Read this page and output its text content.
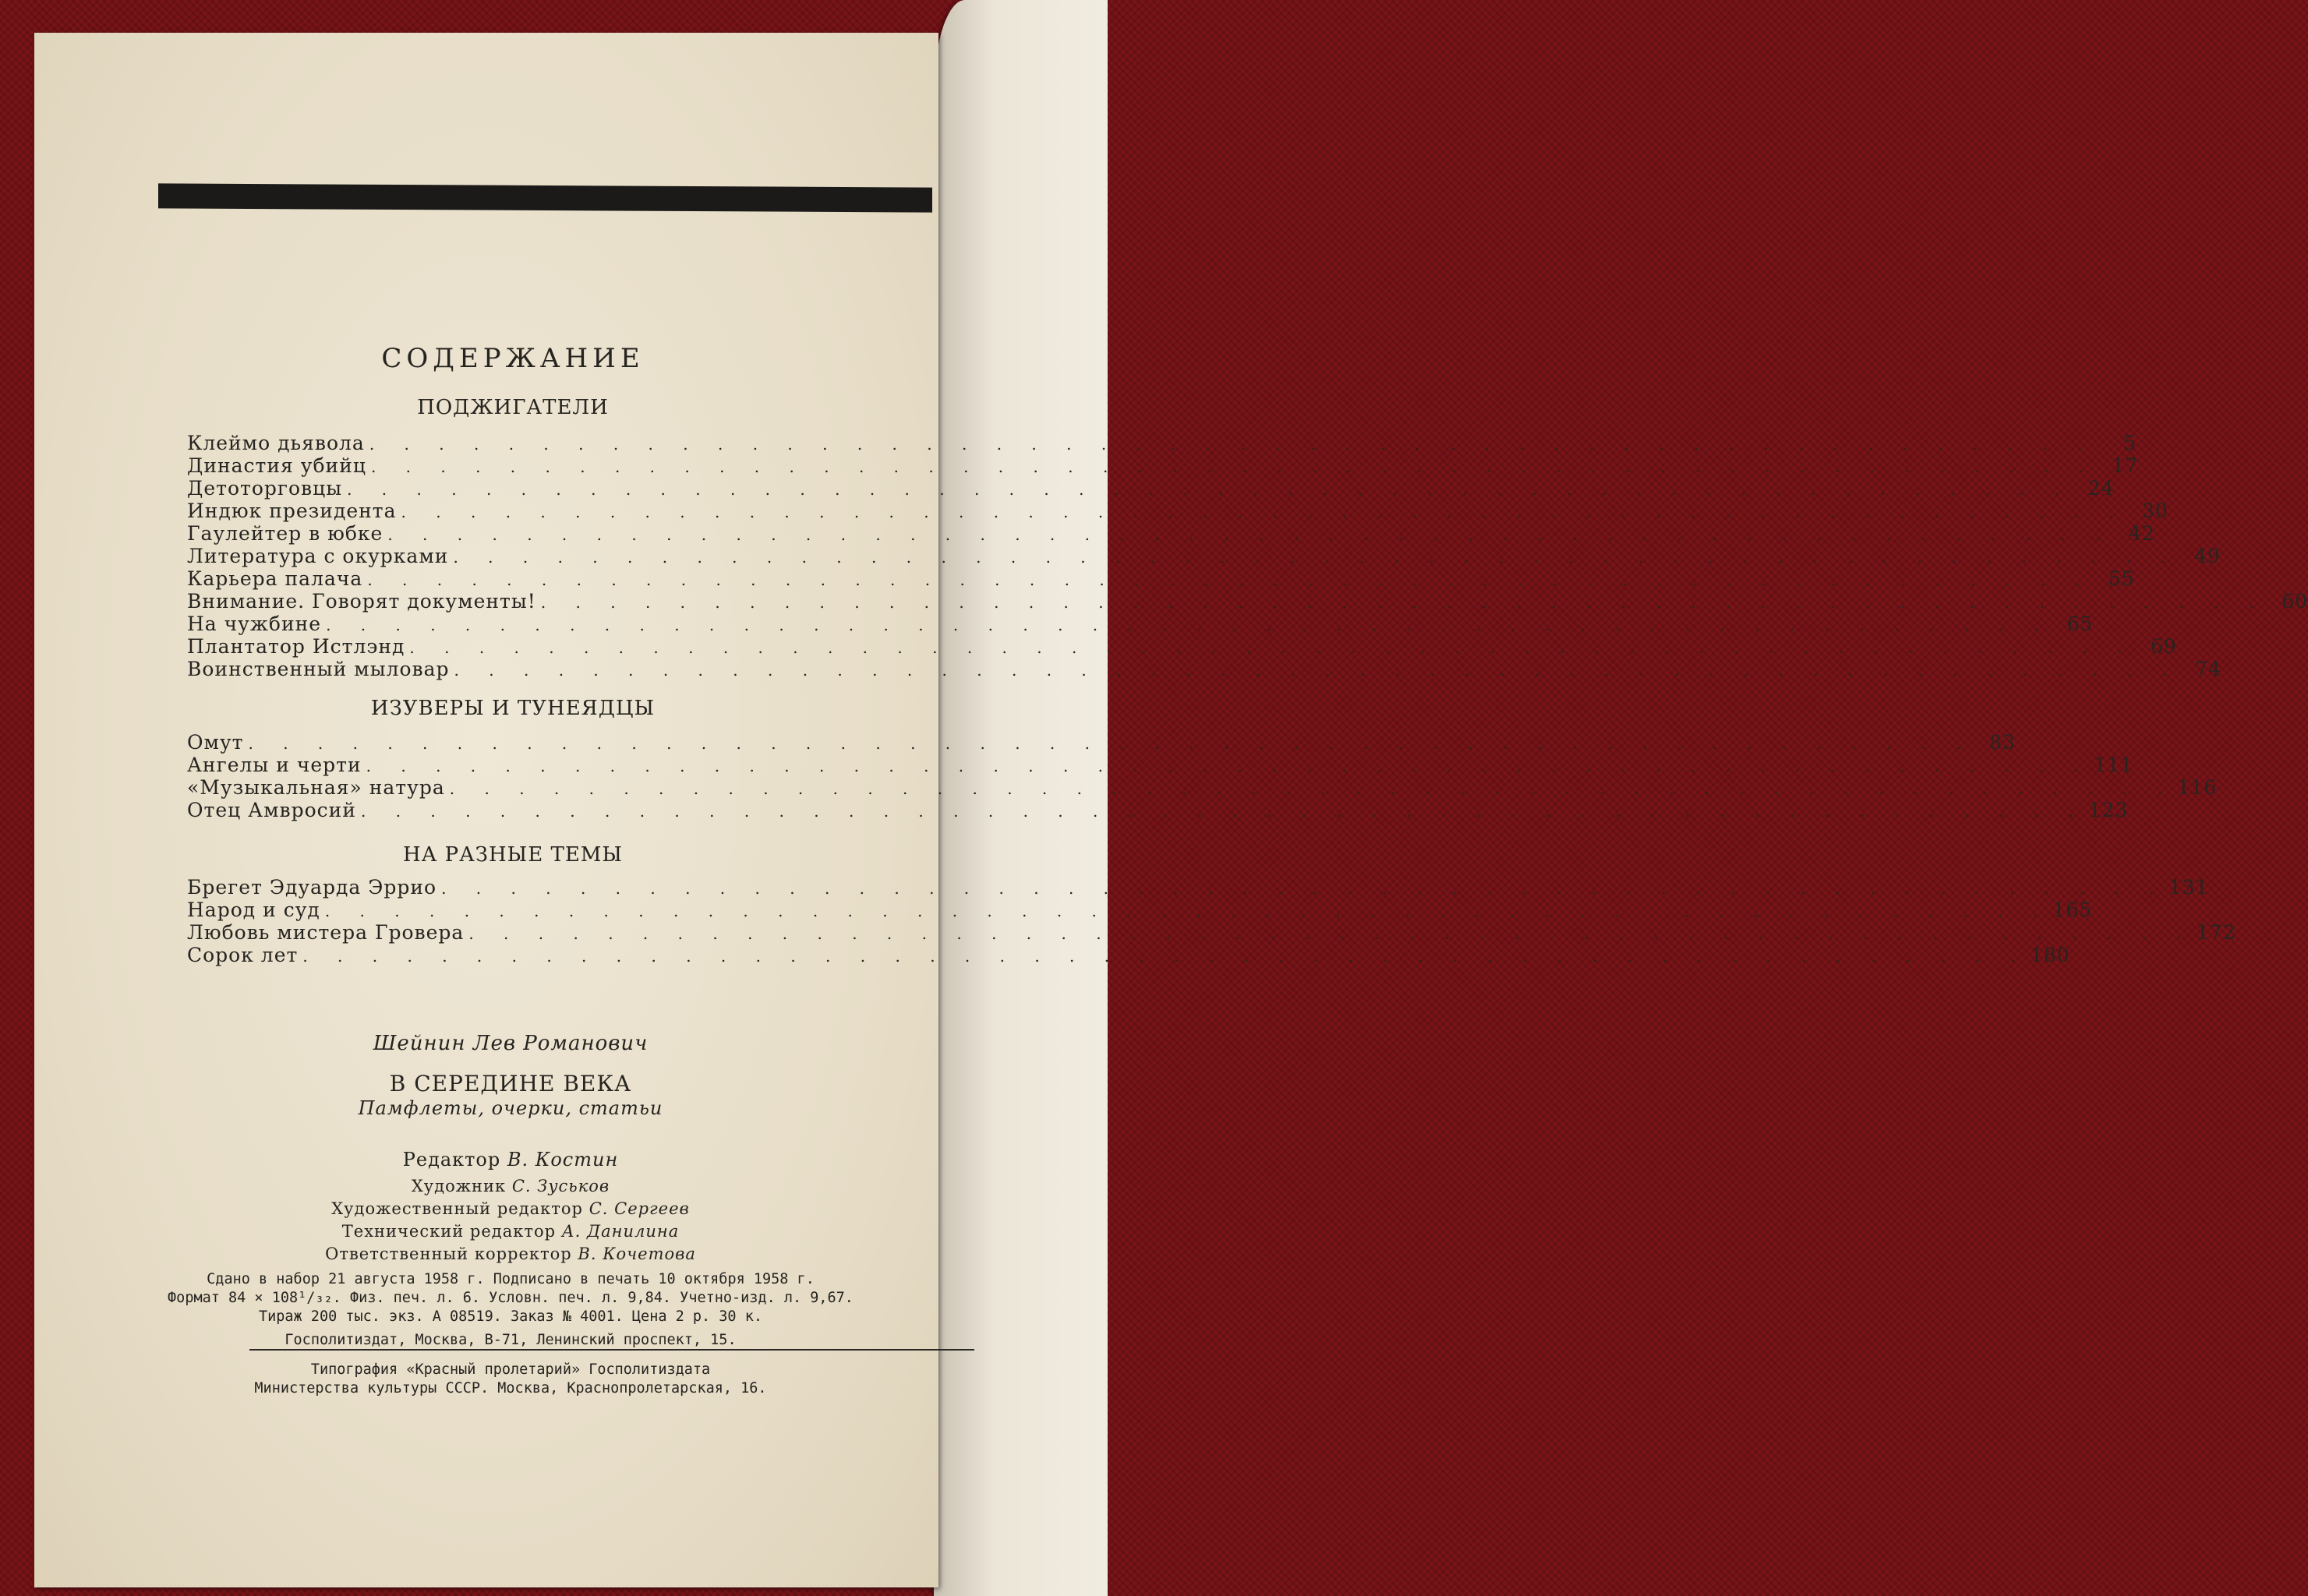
СОДЕРЖАНИЕ
ПОДЖИГАТЕЛИ
Клеймо дьявола . . . . . . . . . . . . . . . . . . . . . . . . . . . . . . . . . . . . . . . . . . . . . . . . . .	5
Династия убийц . . . . . . . . . . . . . . . . . . . . . . . . . . . . . . . . . . . . . . . . . . . . . . . . . . 17
Детоторговцы . . . . . . . . . . . . . . . . . . . . . . . . . . . . . . . . . . . . . . . . . . . . . . . . . . 24
Индюк президента . . . . . . . . . . . . . . . . . . . . . . . . . . . . . . . . . . . . . . . . . . . . . . . . . . 30
Гаулейтер в юбке . . . . . . . . . . . . . . . . . . . . . . . . . . . . . . . . . . . . . . . . . . . . . . . . . . 42
Литература с окурками . . . . . . . . . . . . . . . . . . . . . . . . . . . . . . . . . . . . . . . . . . . . . . . . . . 49
Карьера палача . . . . . . . . . . . . . . . . . . . . . . . . . . . . . . . . . . . . . . . . . . . . . . . . . . 55
Внимание. Говорят документы! . . . . . . . . . . . . . . . . . . . . . . . . . . . . . . . . . . . . . . . . . . . . . . . . . . 60
На чужбине . . . . . . . . . . . . . . . . . . . . . . . . . . . . . . . . . . . . . . . . . . . . . . . . . . 65
Плантатор Истлэнд . . . . . . . . . . . . . . . . . . . . . . . . . . . . . . . . . . . . . . . . . . . . . . . . . . 69
Воинственный мыловар . . . . . . . . . . . . . . . . . . . . . . . . . . . . . . . . . . . . . . . . . . . . . . . . . . 74
ИЗУВЕРЫ И ТУНЕЯДЦЫ
Омут . . . . . . . . . . . . . . . . . . . . . . . . . . . . . . . . . . . . . . . . . . . . . . . . . . 83
Ангелы и черти . . . . . . . . . . . . . . . . . . . . . . . . . . . . . . . . . . . . . . . . . . . . . . . . . . 111
«Музыкальная» натура . . . . . . . . . . . . . . . . . . . . . . . . . . . . . . . . . . . . . . . . . . . . . . . . . . 116
Отец Амвросий . . . . . . . . . . . . . . . . . . . . . . . . . . . . . . . . . . . . . . . . . . . . . . . . . . 123
НА РАЗНЫЕ ТЕМЫ
Брегет Эдуарда Эррио . . . . . . . . . . . . . . . . . . . . . . . . . . . . . . . . . . . . . . . . . . . . . . . . . . 131
Народ и суд . . . . . . . . . . . . . . . . . . . . . . . . . . . . . . . . . . . . . . . . . . . . . . . . . . 165
Любовь мистера Гровера . . . . . . . . . . . . . . . . . . . . . . . . . . . . . . . . . . . . . . . . . . . . . . . . . . 172
Сорок лет . . . . . . . . . . . . . . . . . . . . . . . . . . . . . . . . . . . . . . . . . . . . . . . . . . 180
Шейнин Лев Романович
В СЕРЕДИНЕ ВЕКА
Памфлеты, очерки, статьи
Редактор В. Костин
Художник С. Зуськов
Художественный редактор С. Сергеев
Технический редактор А. Данилина
Ответственный корректор В. Кочетова
Сдано в набор 21 августа 1958 г. Подписано в печать 10 октября 1958 г.
Формат 84 × 108¹/₃₂. Физ. печ. л. 6. Условн. печ. л. 9,84. Учетно-изд. л. 9,67.
Тираж 200 тыс. экз. А 08519. Заказ № 4001. Цена 2 р. 30 к.
Госполитиздат, Москва, В-71, Ленинский проспект, 15.
Типография «Красный пролетарий» Госполитиздата
Министерства культуры СССР. Москва, Краснопролетарская, 16.
